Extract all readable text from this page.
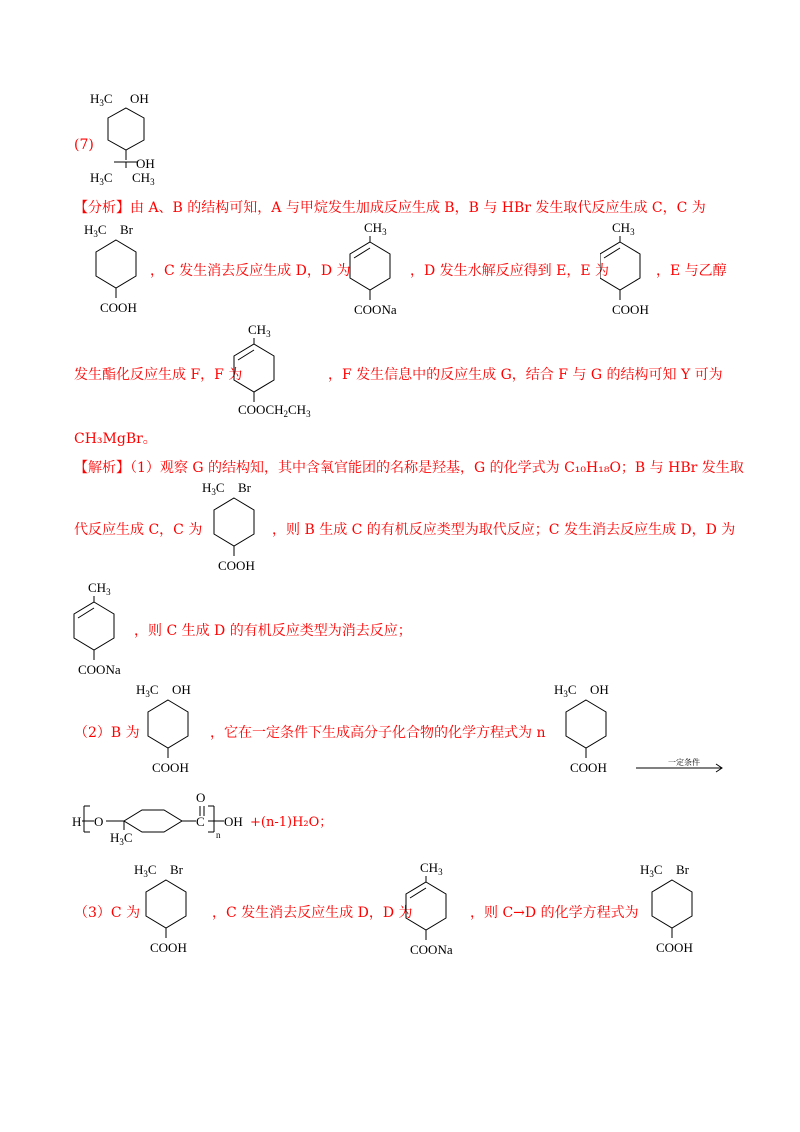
(7)
$H_3C$ OH
OH
$H_3C$ $CH_3$
【分析】由 A、B 的结构可知，A 与甲烷发生加成反应生成 B，B 与 HBr 发生取代反应生成 C，C 为
$H_3C$ Br
COOH
，C 发生消去反应生成 D，D 为
$CH_3$
COONa
，D 发生水解反应得到 E，E 为
$CH_3$
COOH
，E 与乙醇
发生酯化反应生成 F，F 为
$CH_3$
$COOCH_2CH_3$
，F 发生信息中的反应生成 G，结合 F 与 G 的结构可知 Y 可为
CH₃MgBr。
【解析】（1）观察 G 的结构知，其中含氧官能团的名称是羟基，G 的化学式为 C₁₀H₁₈O；B 与 HBr 发生取
代反应生成 C，C 为
$H_3C$ Br
COOH
，则 B 生成 C 的有机反应类型为取代反应；C 发生消去反应生成 D，D 为
$CH_3$
COONa
，则 C 生成 D 的有机反应类型为消去反应；
（2）B 为
$H_3C$ OH
COOH
，它在一定条件下生成高分子化合物的化学方程式为 n
$H_3C$ OH
COOH	一定条件
H O
$H_3C$
C
O
n
OH +(n-1)H₂O；
（3）C 为
$H_3C$ Br
COOH
，C 发生消去反应生成 D，D 为
$CH_3$
COONa
，则 C→D 的化学方程式为
$H_3C$ Br
COOH
